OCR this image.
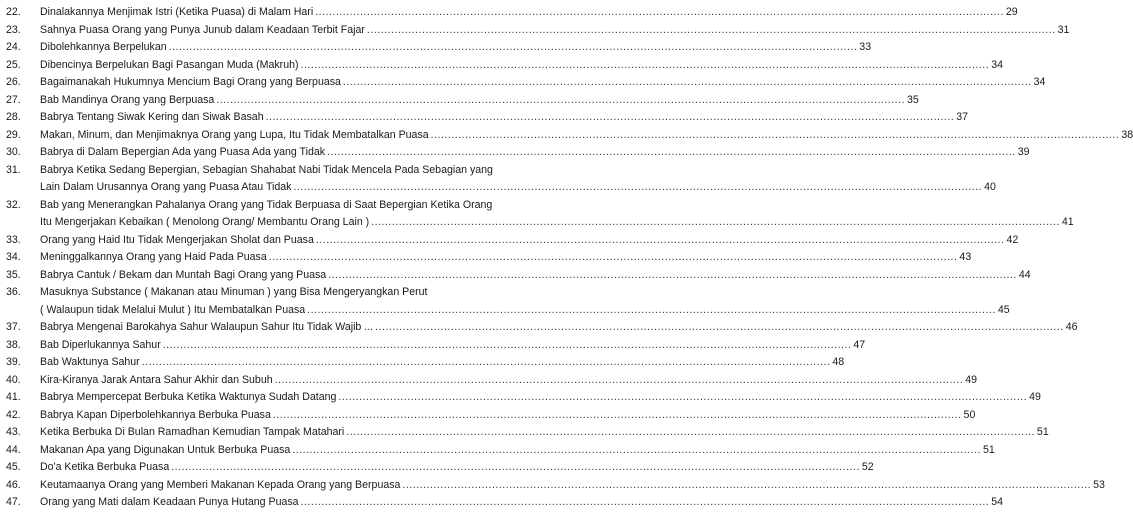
22.	Dinalakannya Menjimak Istri (Ketika Puasa) di Malam Hari ........................................................................................................................................................................................................ 29
23.	Sahnya Puasa Orang yang Punya Junub dalam Keadaan Terbit Fajar ........................................................................................................................................................................................................ 31
24.	Dibolehkannya Berpelukan ........................................................................................................................................................................................................ 33
25.	Dibencinya Berpelukan Bagi Pasangan Muda (Makruh) ........................................................................................................................................................................................................ 34
26.	Bagaimanakah Hukumnya Mencium Bagi Orang yang Berpuasa ........................................................................................................................................................................................................ 34
27.	Bab Mandinya Orang yang Berpuasa ........................................................................................................................................................................................................ 35
28.	Babrya Tentang Siwak Kering dan Siwak Basah ........................................................................................................................................................................................................ 37
29.	Makan, Minum, dan Menjimaknya Orang yang Lupa, Itu Tidak Membatalkan Puasa ........................................................................................................................................................................................................ 38
30.	Babrya di Dalam Bepergian Ada yang Puasa Ada yang Tidak ........................................................................................................................................................................................................ 39
31.	Babrya Ketika Sedang Bepergian, Sebagian Shahabat Nabi Tidak Mencela Pada Sebagian yang
Lain Dalam Urusannya Orang yang Puasa Atau Tidak ........................................................................................................................................................................................................ 40
32.	Bab yang Menerangkan Pahalanya Orang yang Tidak Berpuasa di Saat Bepergian Ketika Orang
Itu Mengerjakan Kebaikan ( Menolong Orang/ Membantu Orang Lain ) ........................................................................................................................................................................................................ 41
33.	Orang yang Haid Itu Tidak Mengerjakan Sholat dan Puasa ........................................................................................................................................................................................................ 42
34.	Meninggalkannya Orang yang Haid Pada Puasa ........................................................................................................................................................................................................ 43
35.	Babrya Cantuk / Bekam dan Muntah Bagi Orang yang Puasa ........................................................................................................................................................................................................ 44
36.	Masuknya Substance ( Makanan atau Minuman ) yang Bisa Mengeryangkan Perut
( Walaupun tidak Melalui Mulut ) Itu Membatalkan Puasa ........................................................................................................................................................................................................ 45
37.	Babrya Mengenai Barokahya Sahur Walaupun Sahur Itu Tidak Wajib ... ........................................................................................................................................................................................................ 46
38.	Bab Diperlukannya Sahur ........................................................................................................................................................................................................ 47
39.	Bab Waktunya Sahur ........................................................................................................................................................................................................ 48
40.	Kira-Kiranya Jarak Antara Sahur Akhir dan Subuh ........................................................................................................................................................................................................ 49
41.	Babrya Mempercepat Berbuka Ketika Waktunya Sudah Datang ........................................................................................................................................................................................................ 49
42.	Babrya Kapan Diperbolehkannya Berbuka Puasa ........................................................................................................................................................................................................ 50
43.	Ketika Berbuka Di Bulan Ramadhan Kemudian Tampak Matahari ........................................................................................................................................................................................................ 51
44.	Makanan Apa yang Digunakan Untuk Berbuka Puasa ........................................................................................................................................................................................................ 51
45.	Do'a Ketika Berbuka Puasa ........................................................................................................................................................................................................ 52
46.	Keutamaanya Orang yang Memberi Makanan Kepada Orang yang Berpuasa ........................................................................................................................................................................................................ 53
47.	Orang yang Mati dalam Keadaan Punya Hutang Puasa ........................................................................................................................................................................................................ 54
